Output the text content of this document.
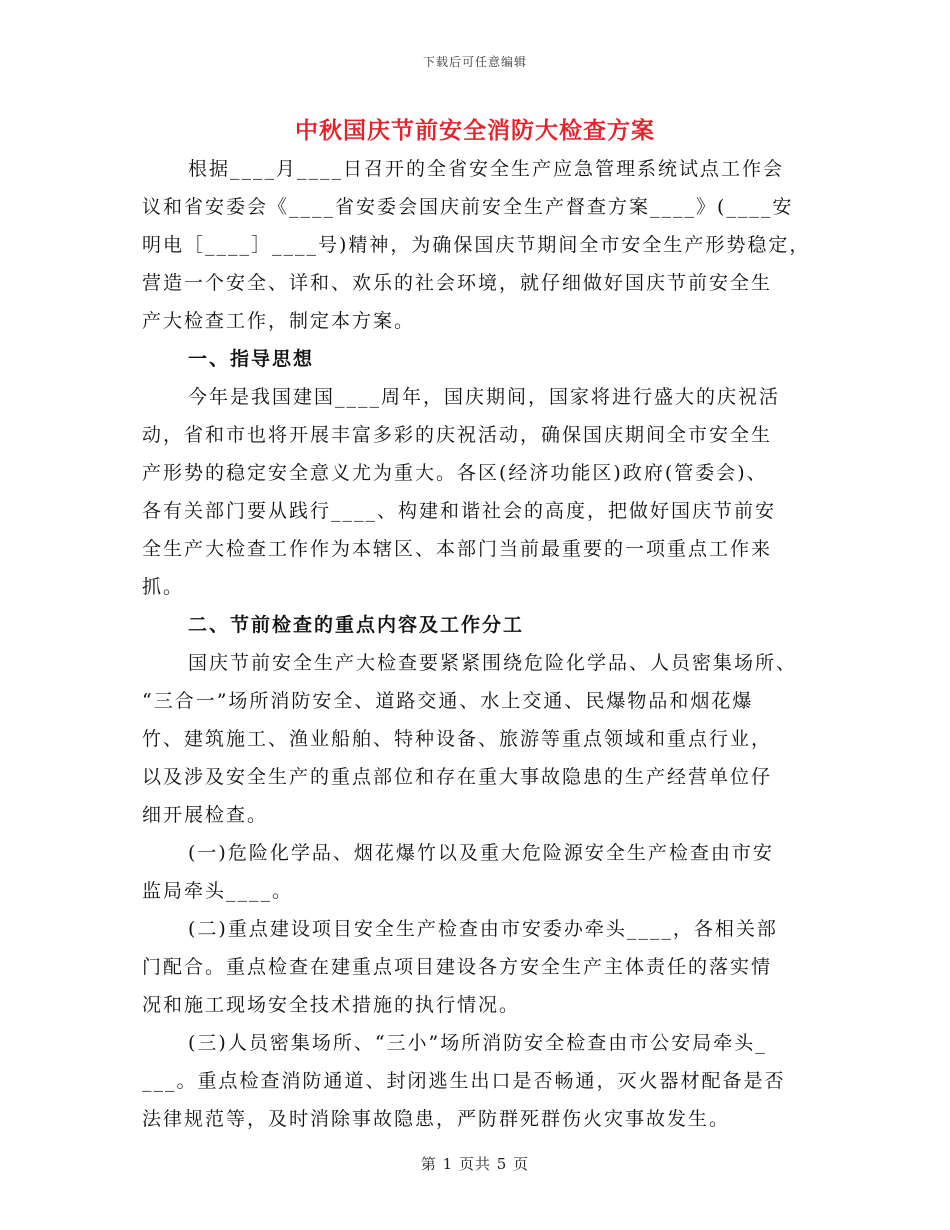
下载后可任意编辑
中秋国庆节前安全消防大检查方案
根据____月____日召开的全省安全生产应急管理系统试点工作会
议和省安委会《____省安委会国庆前安全生产督查方案____》(____安
明电［____］____号)精神，为确保国庆节期间全市安全生产形势稳定，
营造一个安全、详和、欢乐的社会环境，就仔细做好国庆节前安全生
产大检查工作，制定本方案。
一、指导思想
今年是我国建国____周年，国庆期间，国家将进行盛大的庆祝活
动，省和市也将开展丰富多彩的庆祝活动，确保国庆期间全市安全生
产形势的稳定安全意义尤为重大。各区(经济功能区)政府(管委会)、
各有关部门要从践行____、构建和谐社会的高度，把做好国庆节前安
全生产大检查工作作为本辖区、本部门当前最重要的一项重点工作来
抓。
二、节前检查的重点内容及工作分工
国庆节前安全生产大检查要紧紧围绕危险化学品、人员密集场所、
“三合一”场所消防安全、道路交通、水上交通、民爆物品和烟花爆
竹、建筑施工、渔业船舶、特种设备、旅游等重点领域和重点行业，
以及涉及安全生产的重点部位和存在重大事故隐患的生产经营单位仔
细开展检查。
(一)危险化学品、烟花爆竹以及重大危险源安全生产检查由市安
监局牵头____。
(二)重点建设项目安全生产检查由市安委办牵头____，各相关部
门配合。重点检查在建重点项目建设各方安全生产主体责任的落实情
况和施工现场安全技术措施的执行情况。
(三)人员密集场所、“三小”场所消防安全检查由市公安局牵头_
___。重点检查消防通道、封闭逃生出口是否畅通，灭火器材配备是否
法律规范等，及时消除事故隐患，严防群死群伤火灾事故发生。
第 1 页共 5 页
